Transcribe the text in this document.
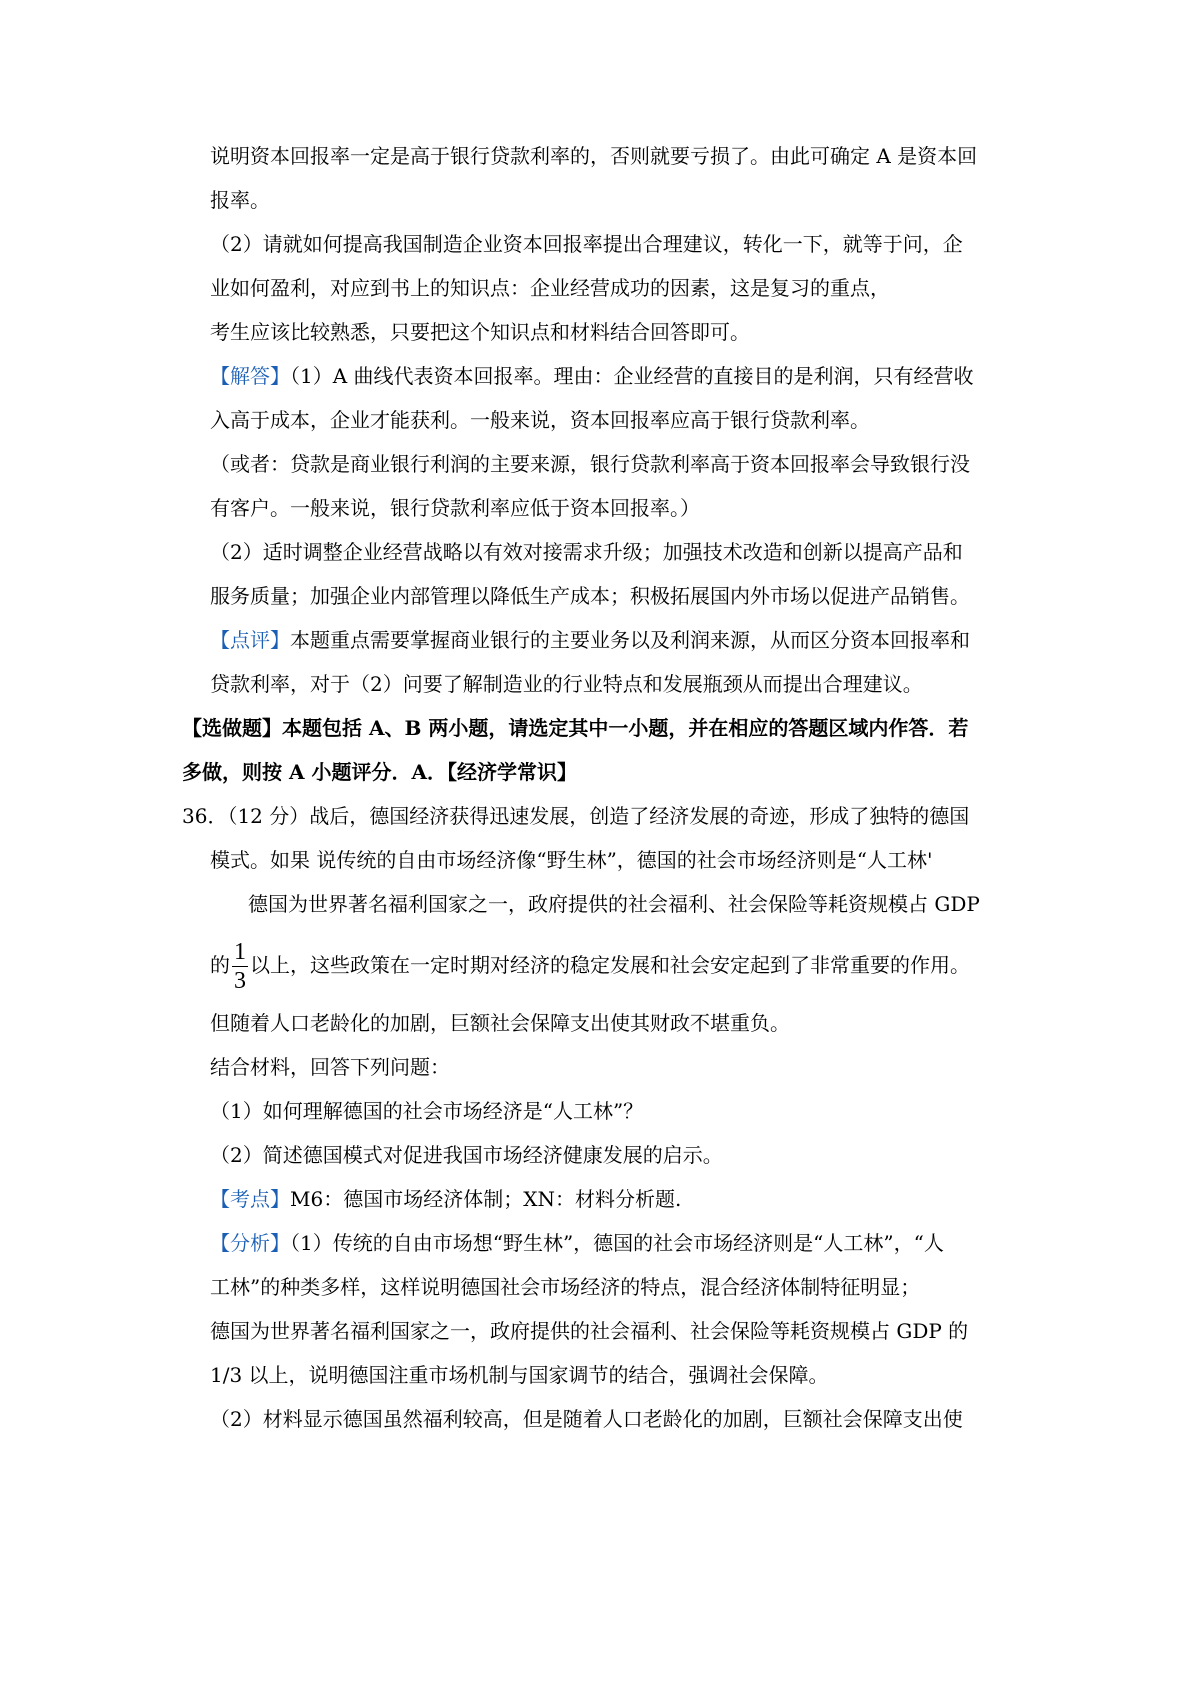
说明资本回报率一定是高于银行贷款利率的，否则就要亏损了。由此可确定 A 是资本回
报率。
（2）请就如何提高我国制造企业资本回报率提出合理建议，转化一下，就等于问，企
业如何盈利，对应到书上的知识点：企业经营成功的因素，这是复习的重点，
考生应该比较熟悉，只要把这个知识点和材料结合回答即可。
【解答】（1）A 曲线代表资本回报率。理由：企业经营的直接目的是利润，只有经营收
入高于成本，企业才能获利。一般来说，资本回报率应高于银行贷款利率。
（或者：贷款是商业银行利润的主要来源，银行贷款利率高于资本回报率会导致银行没
有客户。一般来说，银行贷款利率应低于资本回报率。）
（2）适时调整企业经营战略以有效对接需求升级；加强技术改造和创新以提高产品和
服务质量；加强企业内部管理以降低生产成本；积极拓展国内外市场以促进产品销售。
【点评】本题重点需要掌握商业银行的主要业务以及利润来源，从而区分资本回报率和
贷款利率，对于（2）问要了解制造业的行业特点和发展瓶颈从而提出合理建议。
【选做题】本题包括 A、B 两小题，请选定其中一小题，并在相应的答题区域内作答．若
多做，则按 A 小题评分．A．【经济学常识】
36．（12 分）战后，德国经济获得迅速发展，创造了经济发展的奇迹，形成了独特的德国
模式。如果 说传统的自由市场经济像“野生林”，德国的社会市场经济则是“人工林'
德国为世界著名福利国家之一，政府提供的社会福利、社会保险等耗资规模占 GDP
的 $\frac{1}{3}$ 以上，这些政策在一定时期对经济的稳定发展和社会安定起到了非常重要的作用。
但随着人口老龄化的加剧，巨额社会保障支出使其财政不堪重负。
结合材料，回答下列问题：
（1）如何理解德国的社会市场经济是“人工林”？
（2）简述德国模式对促进我国市场经济健康发展的启示。
【考点】M6：德国市场经济体制；XN：材料分析题.
【分析】（1）传统的自由市场想“野生林”，德国的社会市场经济则是“人工林”，“人
工林”的种类多样，这样说明德国社会市场经济的特点，混合经济体制特征明显；
德国为世界著名福利国家之一，政府提供的社会福利、社会保险等耗资规模占 GDP 的
1/3 以上，说明德国注重市场机制与国家调节的结合，强调社会保障。
（2）材料显示德国虽然福利较高，但是随着人口老龄化的加剧，巨额社会保障支出使
